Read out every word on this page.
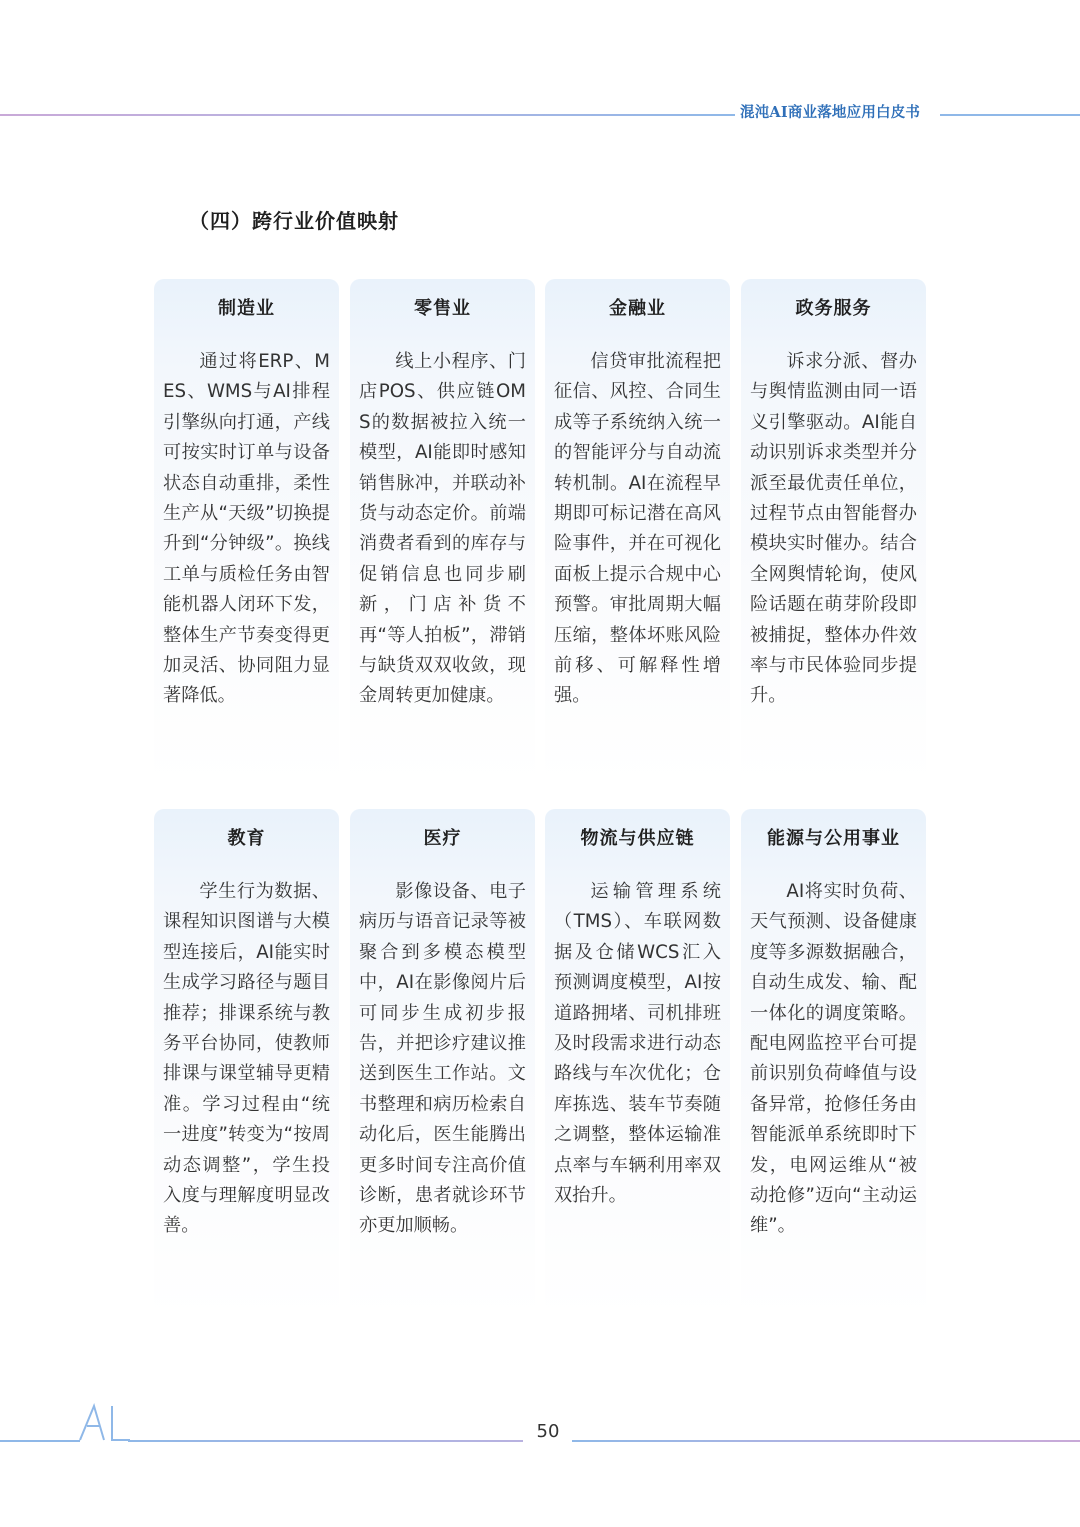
混沌AI商业落地应用白皮书
（四）跨行业价值映射
制造业
通过将ERP、MES、WMS与AI排程引擎纵向打通，产线可按实时订单与设备状态自动重排，柔性生产从“天级”切换提升到“分钟级”。换线工单与质检任务由智能机器人闭环下发，整体生产节奏变得更加灵活、协同阻力显著降低。
零售业
线上小程序、门店POS、供应链OMS的数据被拉入统一模型，AI能即时感知销售脉冲，并联动补货与动态定价。前端消费者看到的库存与促销信息也同步刷新，门店补货不再“等人拍板”，滞销与缺货双双收敛，现金周转更加健康。
金融业
信贷审批流程把征信、风控、合同生成等子系统纳入统一的智能评分与自动流转机制。AI在流程早期即可标记潜在高风险事件，并在可视化面板上提示合规中心预警。审批周期大幅压缩，整体坏账风险前移、可解释性增强。
政务服务
诉求分派、督办与舆情监测由同一语义引擎驱动。AI能自动识别诉求类型并分派至最优责任单位，过程节点由智能督办模块实时催办。结合全网舆情轮询，使风险话题在萌芽阶段即被捕捉，整体办件效率与市民体验同步提升。
教育
学生行为数据、课程知识图谱与大模型连接后，AI能实时生成学习路径与题目推荐；排课系统与教务平台协同，使教师排课与课堂辅导更精准。学习过程由“统一进度”转变为“按周动态调整”，学生投入度与理解度明显改善。
医疗
影像设备、电子病历与语音记录等被聚合到多模态模型中，AI在影像阅片后可同步生成初步报告，并把诊疗建议推送到医生工作站。文书整理和病历检索自动化后，医生能腾出更多时间专注高价值诊断，患者就诊环节亦更加顺畅。
物流与供应链
运输管理系统（TMS）、车联网数据及仓储WCS汇入预测调度模型，AI按道路拥堵、司机排班及时段需求进行动态路线与车次优化；仓库拣选、装车节奏随之调整，整体运输准点率与车辆利用率双双抬升。
能源与公用事业
AI将实时负荷、天气预测、设备健康度等多源数据融合，自动生成发、输、配一体化的调度策略。配电网监控平台可提前识别负荷峰值与设备异常，抢修任务由智能派单系统即时下发，电网运维从“被动抢修”迈向“主动运维”。
50
